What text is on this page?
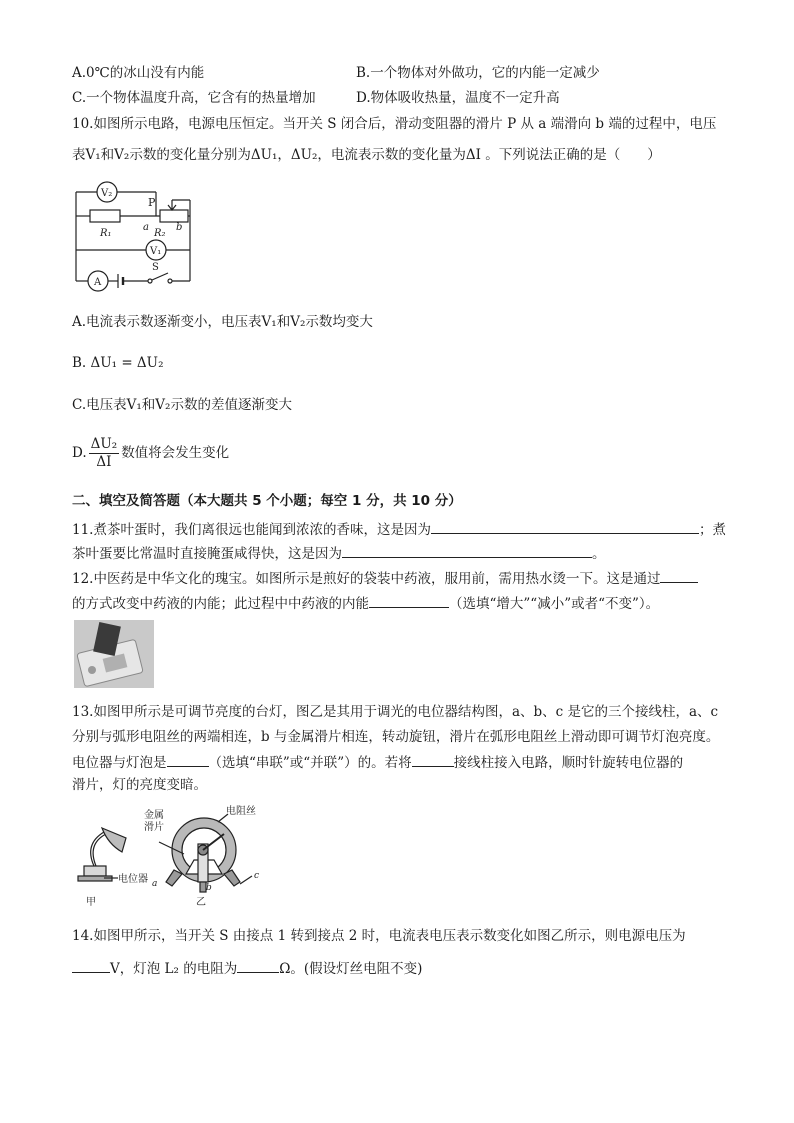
A.0℃的冰山没有内能	B.一个物体对外做功，它的内能一定减少
C.一个物体温度升高，它含有的热量增加	D.物体吸收热量，温度不一定升高
10.如图所示电路，电源电压恒定。当开关 S 闭合后，滑动变阻器的滑片 P 从 a 端滑向 b 端的过程中，电压
表V₁和V₂示数的变化量分别为ΔU₁，ΔU₂，电流表示数的变化量为ΔI 。下列说法正确的是（　　）
V₂
P
R₁
a
R₂
b
V₁
A
S
A.电流表示数逐渐变小，电压表V₁和V₂示数均变大
B. ΔU₁ = ΔU₂
C.电压表V₁和V₂示数的差值逐渐变大
D. $\frac{\text{ΔU₂}}{\Delta I}$ 数值将会发生变化
二、填空及简答题（本大题共 5 个小题；每空 1 分，共 10 分）
11.煮茶叶蛋时，我们离很远也能闻到浓浓的香味，这是因为	；煮
茶叶蛋要比常温时直接腌蛋咸得快，这是因为	。
12.中医药是中华文化的瑰宝。如图所示是煎好的袋装中药液，服用前，需用热水烫一下。这是通过
的方式改变中药液的内能；此过程中中药液的内能	（选填“增大”“减小”或者“不变”）。
13.如图甲所示是可调节亮度的台灯，图乙是其用于调光的电位器结构图，a、b、c 是它的三个接线柱，a、c
分别与弧形电阻丝的两端相连，b 与金属滑片相连，转动旋钮，滑片在弧形电阻丝上滑动即可调节灯泡亮度。
电位器与灯泡是	（选填“串联”或“并联”）的。若将	接线柱接入电路，顺时针旋转电位器的
滑片，灯的亮度变暗。
金属
滑片
电阻丝
电位器 a	b
c
甲	乙
14.如图甲所示，当开关 S 由接点 1 转到接点 2 时，电流表电压表示数变化如图乙所示，则电源电压为
V，灯泡 L₂ 的电阻为	Ω。(假设灯丝电阻不变)
